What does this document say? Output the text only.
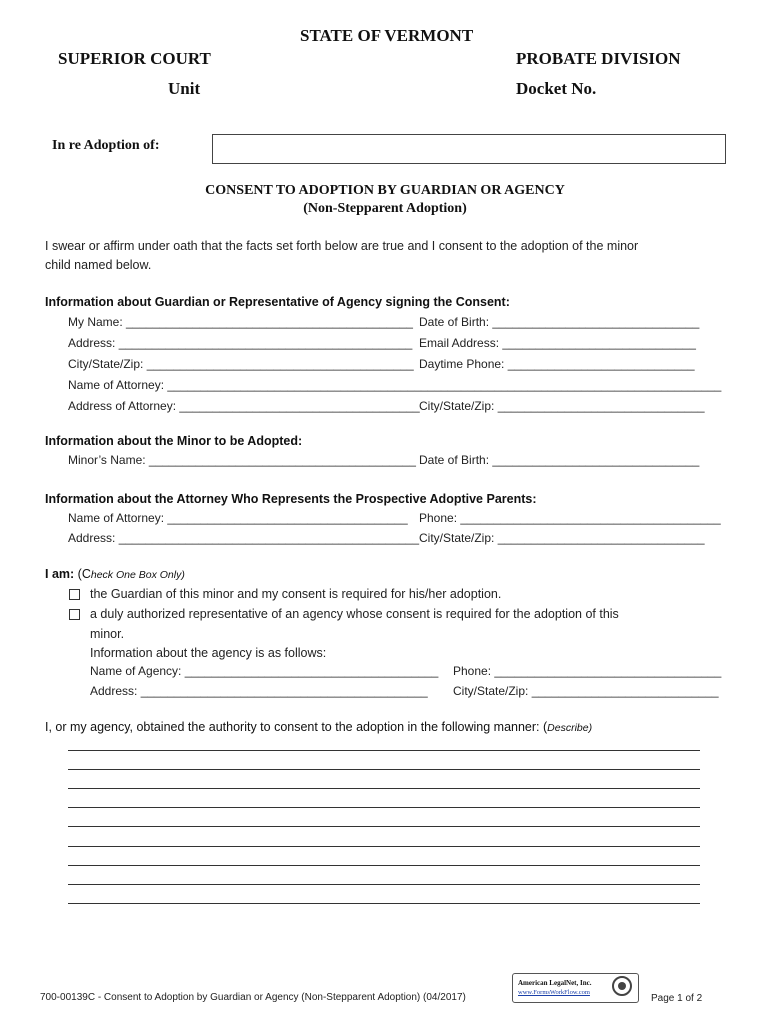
STATE OF VERMONT
SUPERIOR COURT	PROBATE DIVISION
Unit	Docket No.
In re Adoption of:
CONSENT TO ADOPTION BY GUARDIAN OR AGENCY
(Non-Stepparent Adoption)
I swear or affirm under oath that the facts set forth below are true and I consent to the adoption of the minor
child named below.
Information about Guardian or Representative of Agency signing the Consent:
My Name: ___________________________________________ Date of Birth: _______________________________
Address: ____________________________________________ Email Address: _____________________________
City/State/Zip: ________________________________________ Daytime Phone: ____________________________
Name of Attorney: ___________________________________________________________________________________
Address of Attorney: ____________________________________ City/State/Zip: _______________________________
Information about the Minor to be Adopted:
Minor’s Name: ________________________________________ Date of Birth: _______________________________
Information about the Attorney Who Represents the Prospective Adoptive Parents:
Name of Attorney: ____________________________________ Phone: _______________________________________
Address: _____________________________________________ City/State/Zip: _______________________________
I am: (Check One Box Only)
the Guardian of this minor and my consent is required for his/her adoption.
a duly authorized representative of an agency whose consent is required for the adoption of this
minor.
Information about the agency is as follows:
Name of Agency: ______________________________________ Phone: __________________________________
Address: ___________________________________________ City/State/Zip: ____________________________
I, or my agency, obtained the authority to consent to the adoption in the following manner: (Describe)
700-00139C - Consent to Adoption by Guardian or Agency (Non-Stepparent Adoption) (04/2017)
American LegalNet, Inc.
www.FormsWorkFlow.com
Page 1 of 2
